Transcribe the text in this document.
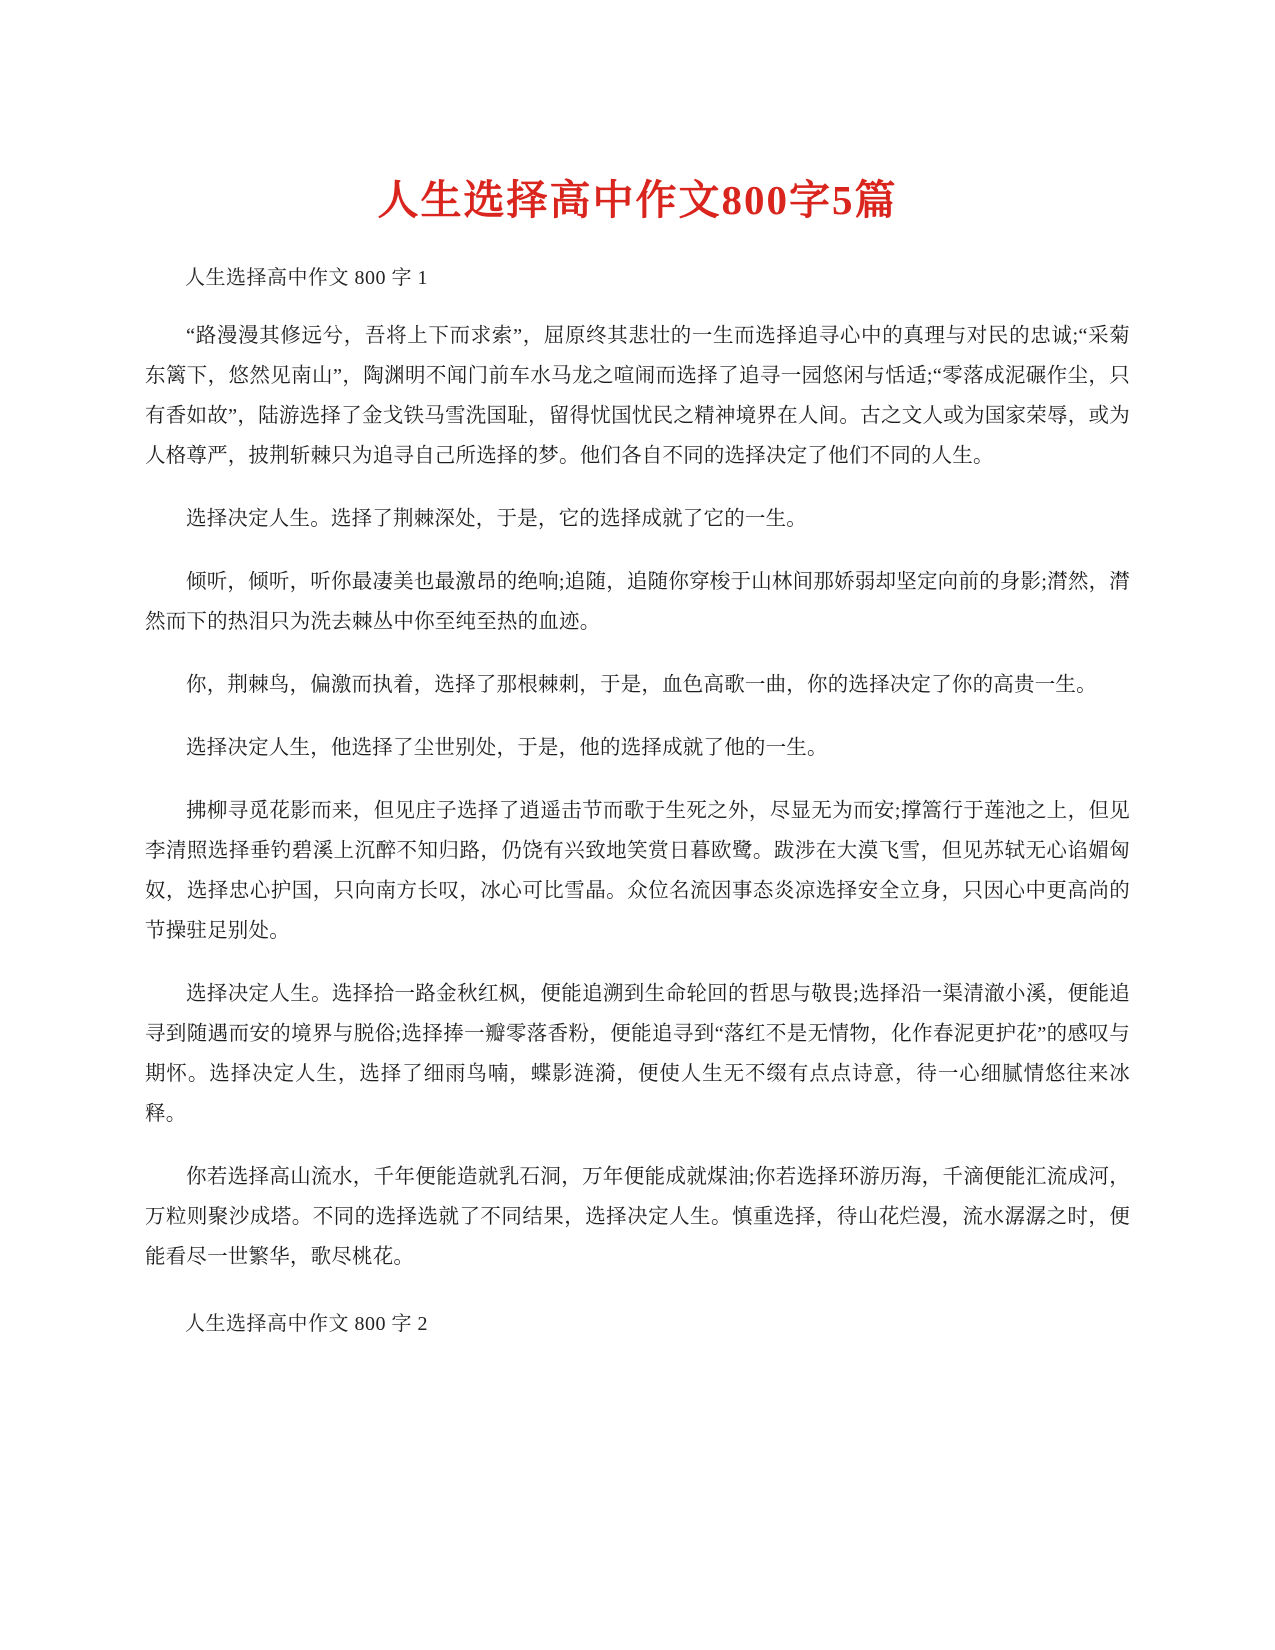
人生选择高中作文800字5篇

人生选择高中作文 800 字 1

“路漫漫其修远兮，吾将上下而求索”，屈原终其悲壮的一生而选择追寻心中的真理与对民的忠诚;“采菊东篱下，悠然见南山”，陶渊明不闻门前车水马龙之喧闹而选择了追寻一园悠闲与恬适;“零落成泥碾作尘，只有香如故”，陆游选择了金戈铁马雪洗国耻，留得忧国忧民之精神境界在人间。古之文人或为国家荣辱，或为人格尊严，披荆斩棘只为追寻自己所选择的梦。他们各自不同的选择决定了他们不同的人生。

选择决定人生。选择了荆棘深处，于是，它的选择成就了它的一生。

倾听，倾听，听你最凄美也最激昂的绝响;追随，追随你穿梭于山林间那娇弱却坚定向前的身影;潸然，潸然而下的热泪只为洗去棘丛中你至纯至热的血迹。

你，荆棘鸟，偏激而执着，选择了那根棘刺，于是，血色高歌一曲，你的选择决定了你的高贵一生。

选择决定人生，他选择了尘世别处，于是，他的选择成就了他的一生。

拂柳寻觅花影而来，但见庄子选择了逍遥击节而歌于生死之外，尽显无为而安;撑篙行于莲池之上，但见李清照选择垂钓碧溪上沉醉不知归路，仍饶有兴致地笑赏日暮欧鹭。跋涉在大漠飞雪，但见苏轼无心谄媚匈奴，选择忠心护国，只向南方长叹，冰心可比雪晶。众位名流因事态炎凉选择安全立身，只因心中更高尚的节操驻足别处。

选择决定人生。选择拾一路金秋红枫，便能追溯到生命轮回的哲思与敬畏;选择沿一渠清澈小溪，便能追寻到随遇而安的境界与脱俗;选择捧一瓣零落香粉，便能追寻到“落红不是无情物，化作春泥更护花”的感叹与期怀。选择决定人生，选择了细雨鸟喃，蝶影涟漪，便使人生无不缀有点点诗意，待一心细腻情悠往来冰释。

你若选择高山流水，千年便能造就乳石洞，万年便能成就煤油;你若选择环游历海，千滴便能汇流成河，万粒则聚沙成塔。不同的选择选就了不同结果，选择决定人生。慎重选择，待山花烂漫，流水潺潺之时，便能看尽一世繁华，歌尽桃花。

人生选择高中作文 800 字 2
